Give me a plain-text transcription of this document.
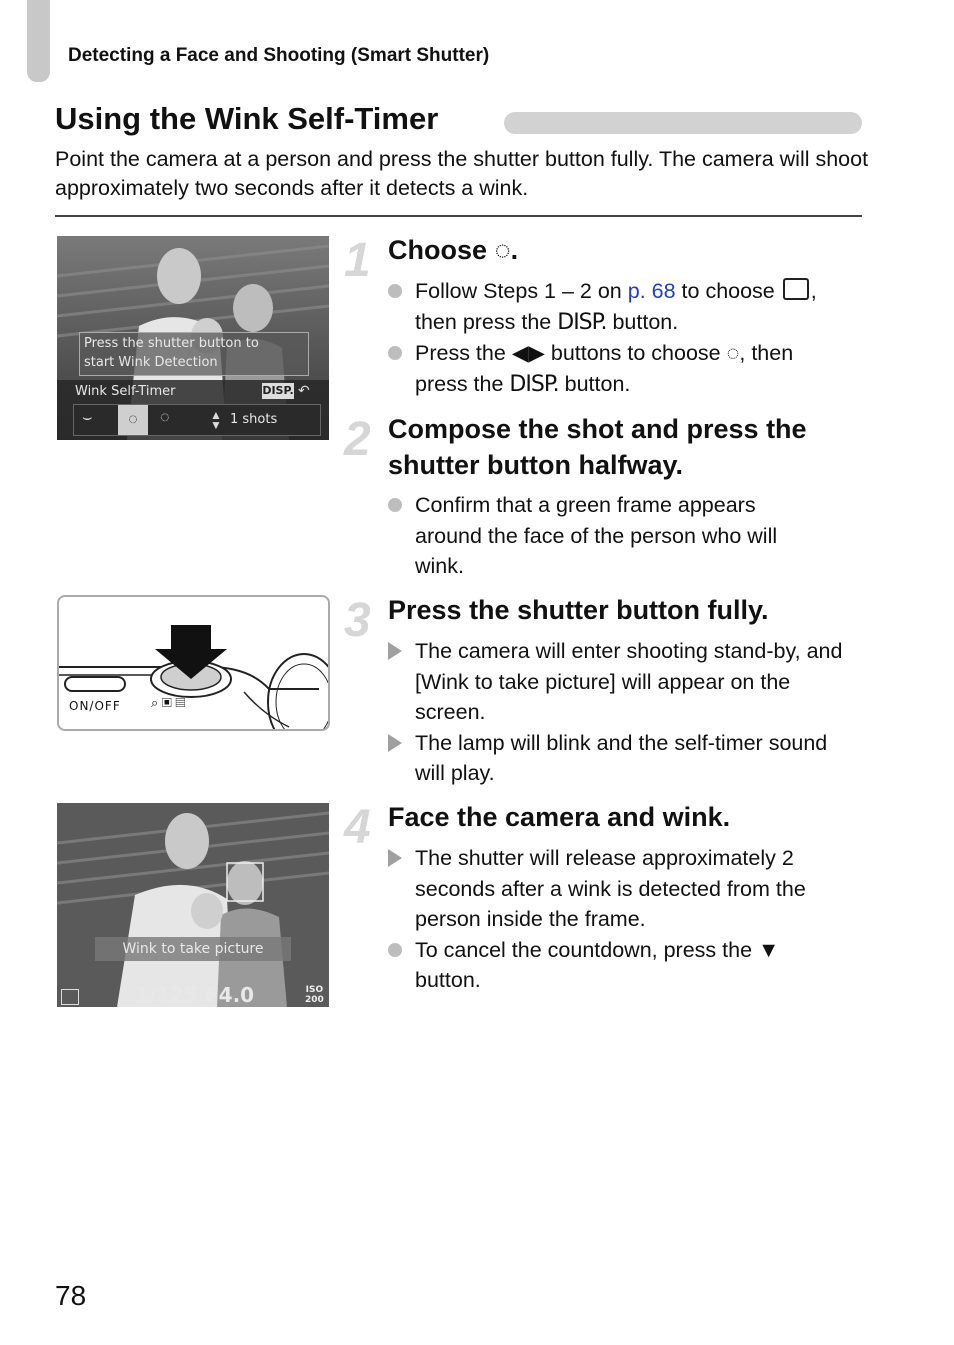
Detecting a Face and Shooting (Smart Shutter)
Using the Wink Self-Timer
Point the camera at a person and press the shutter button fully. The camera will shoot approximately two seconds after it detects a wink.
Press the shutter button to
start Wink Detection
Wink Self-Timer	DISP. ↶
⌣	◌	◌	▲
▼ 1 shots
1 Choose ◌.
Follow Steps 1 – 2 on p. 68 to choose ,
then press the DISP. button.
Press the ◀▶ buttons to choose ◌, then
press the DISP. button.
2 Compose the shot and press the shutter button halfway.
Confirm that a green frame appears around the face of the person who will wink.
ON/OFF ⌕ ▣ ▤
3 Press the shutter button fully.
The camera will enter shooting stand-by, and [Wink to take picture] will appear on the screen.
The lamp will blink and the self-timer sound will play.
Wink to take picture
1/125 F4.0	ISO
200
4 Face the camera and wink.
The shutter will release approximately 2 seconds after a wink is detected from the person inside the frame.
To cancel the countdown, press the ▼
button.
78
